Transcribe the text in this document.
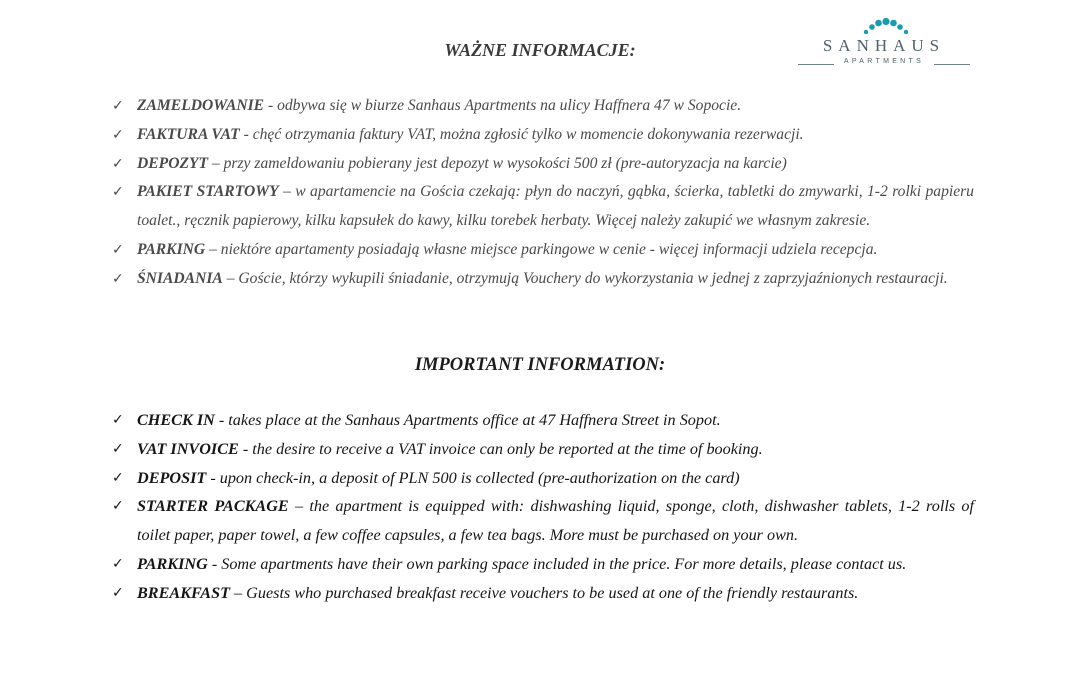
SANHAUS
APARTMENTS
WAŻNE INFORMACJE:
✓ ZAMELDOWANIE - odbywa się w biurze Sanhaus Apartments na ulicy Haffnera 47 w Sopocie.
✓ FAKTURA VAT - chęć otrzymania faktury VAT, można zgłosić tylko w momencie dokonywania rezerwacji.
✓ DEPOZYT – przy zameldowaniu pobierany jest depozyt w wysokości 500 zł (pre-autoryzacja na karcie)
✓ PAKIET STARTOWY – w apartamencie na Gościa czekają: płyn do naczyń, gąbka, ścierka, tabletki do zmywarki, 1-2 rolki papieru toalet., ręcznik papierowy, kilku kapsułek do kawy, kilku torebek herbaty. Więcej należy zakupić we własnym zakresie.
✓ PARKING – niektóre apartamenty posiadają własne miejsce parkingowe w cenie - więcej informacji udziela recepcja.
✓ ŚNIADANIA – Goście, którzy wykupili śniadanie, otrzymują Vouchery do wykorzystania w jednej z zaprzyjaźnionych restauracji.
IMPORTANT INFORMATION:
✓ CHECK IN - takes place at the Sanhaus Apartments office at 47 Haffnera Street in Sopot.
✓ VAT INVOICE - the desire to receive a VAT invoice can only be reported at the time of booking.
✓ DEPOSIT - upon check-in, a deposit of PLN 500 is collected (pre-authorization on the card)
✓ STARTER PACKAGE – the apartment is equipped with: dishwashing liquid, sponge, cloth, dishwasher tablets, 1-2 rolls of toilet paper, paper towel, a few coffee capsules, a few tea bags. More must be purchased on your own.
✓ PARKING - Some apartments have their own parking space included in the price. For more details, please contact us.
✓ BREAKFAST – Guests who purchased breakfast receive vouchers to be used at one of the friendly restaurants.
